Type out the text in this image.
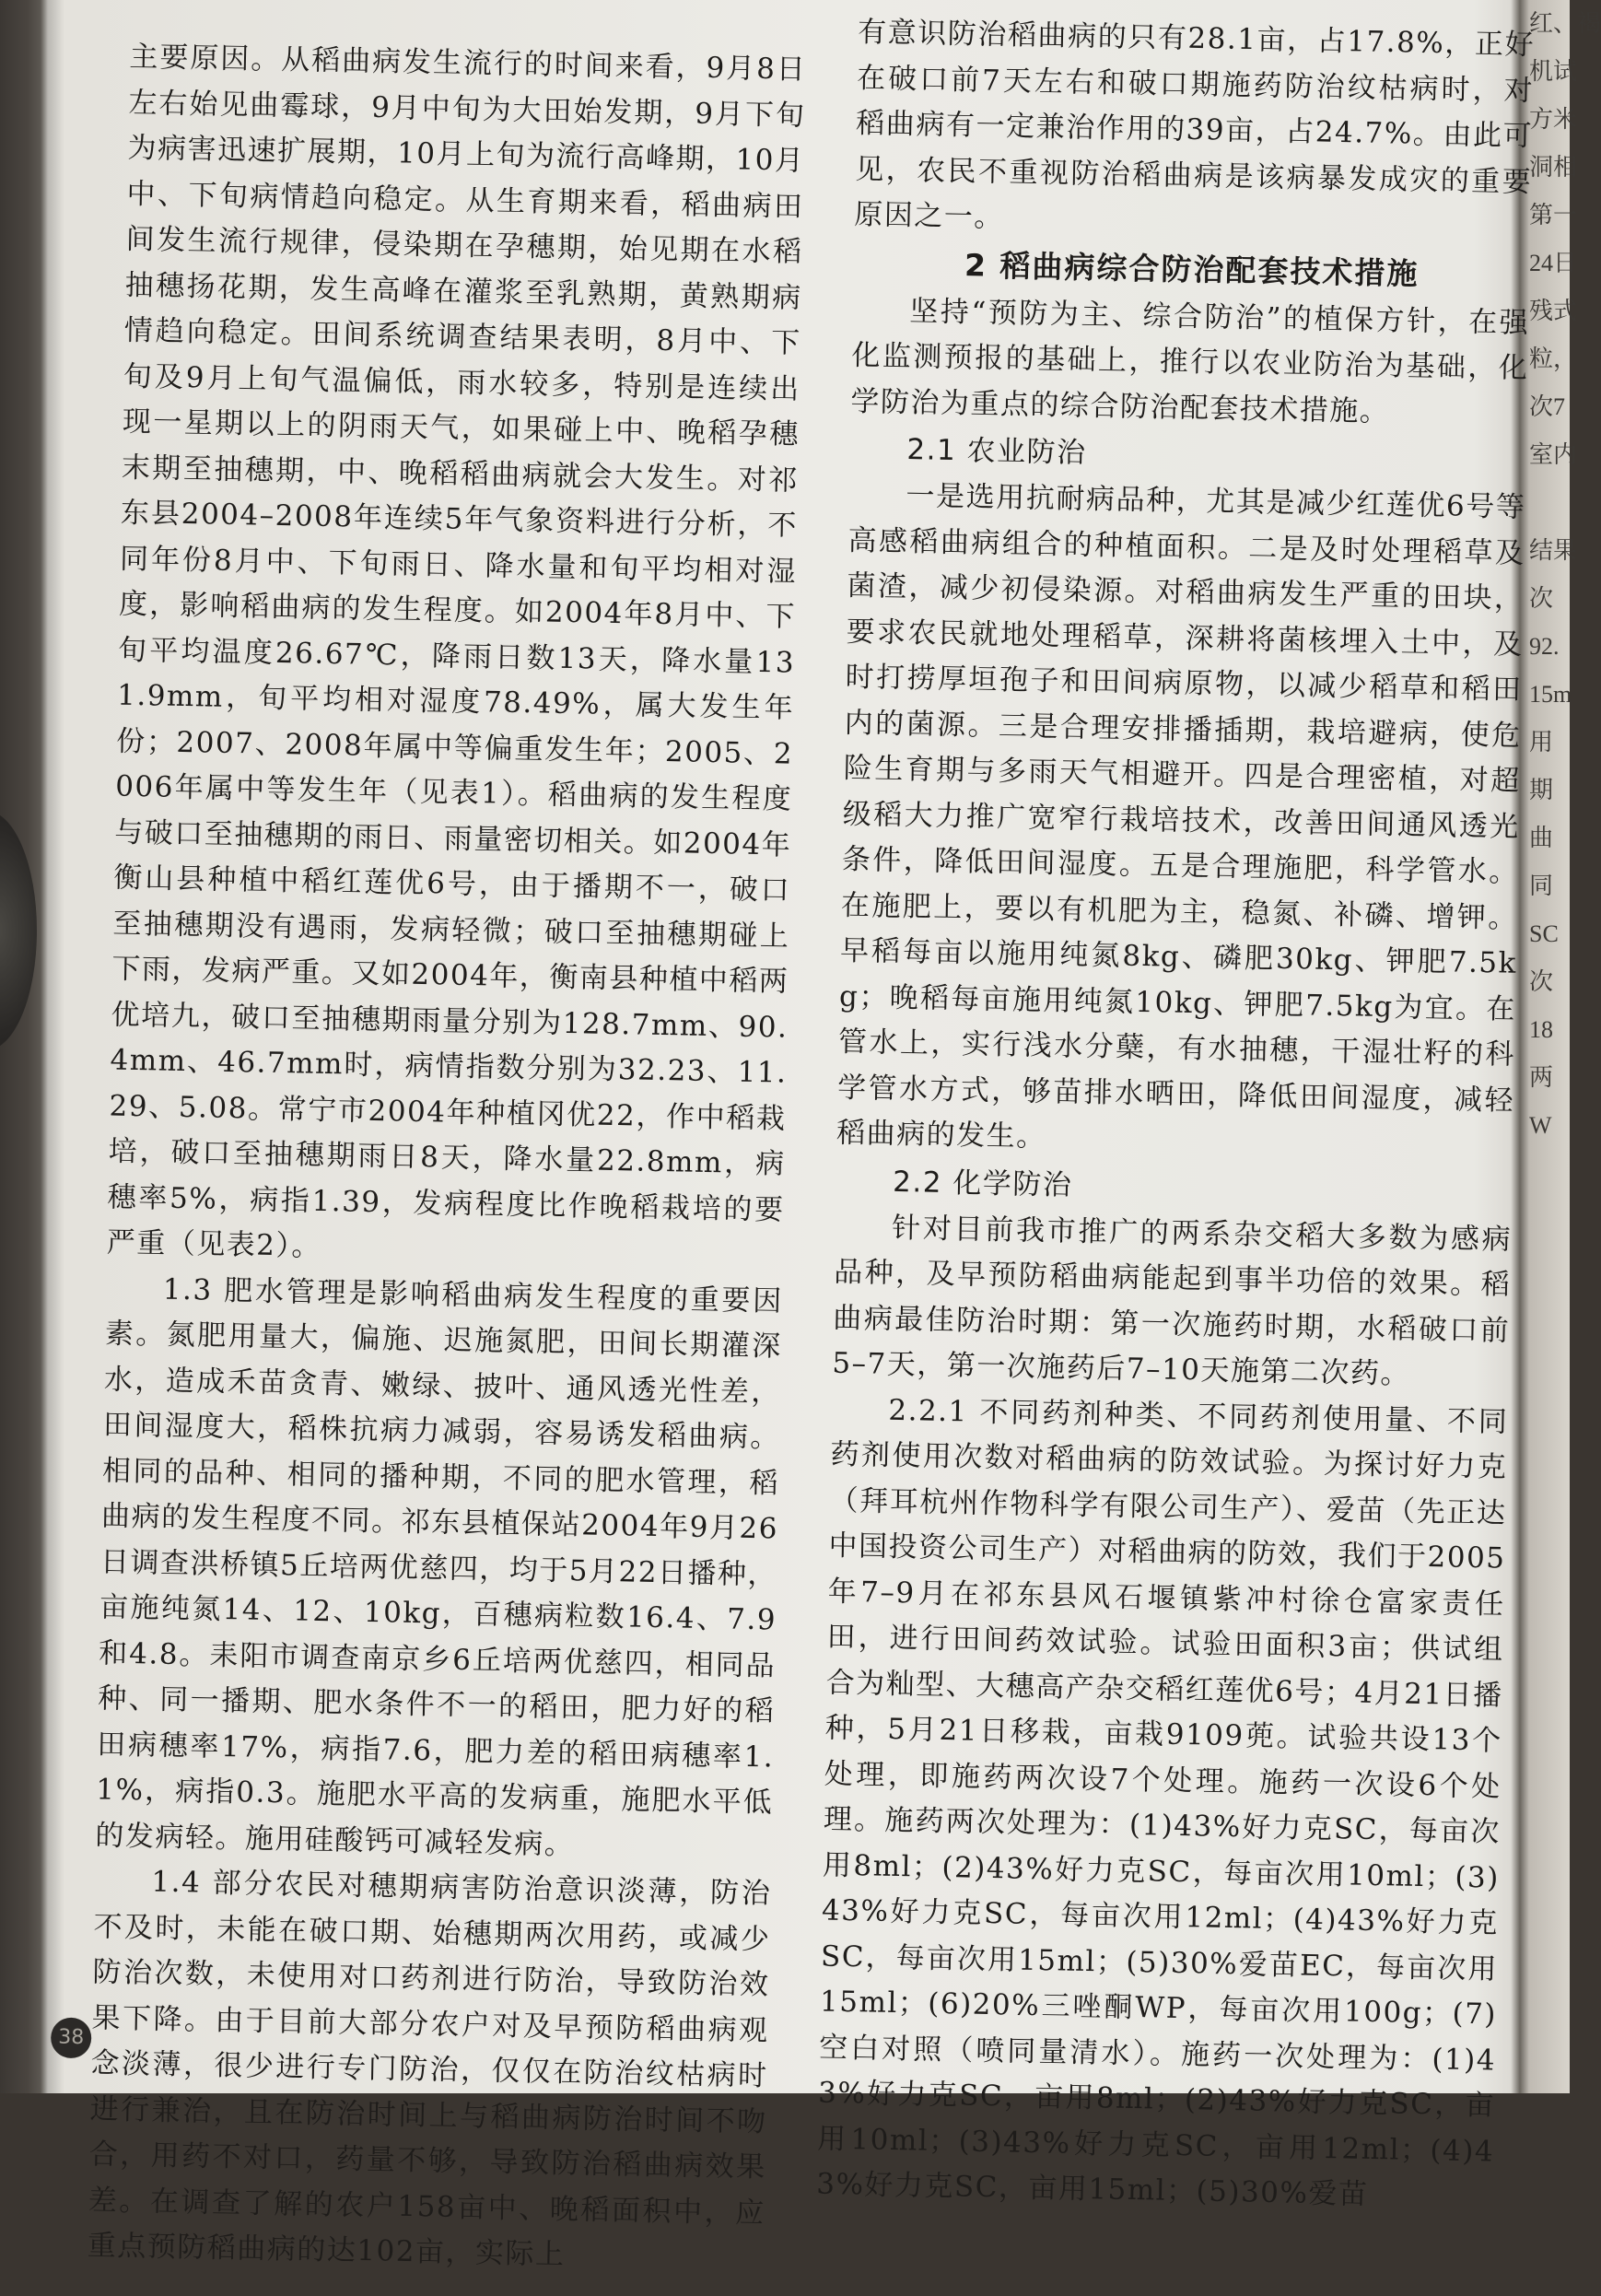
主要原因。从稻曲病发生流行的时间来看，9月8日左右始见曲霉球，9月中旬为大田始发期，9月下旬为病害迅速扩展期，10月上旬为流行高峰期，10月中、下旬病情趋向稳定。从生育期来看，稻曲病田间发生流行规律，侵染期在孕穗期，始见期在水稻抽穗扬花期，发生高峰在灌浆至乳熟期，黄熟期病情趋向稳定。田间系统调查结果表明，8月中、下旬及9月上旬气温偏低，雨水较多，特别是连续出现一星期以上的阴雨天气，如果碰上中、晚稻孕穗末期至抽穗期，中、晚稻稻曲病就会大发生。对祁东县2004–2008年连续5年气象资料进行分析，不同年份8月中、下旬雨日、降水量和旬平均相对湿度，影响稻曲病的发生程度。如2004年8月中、下旬平均温度26.67℃，降雨日数13天，降水量131.9mm，旬平均相对湿度78.49%，属大发生年份；2007、2008年属中等偏重发生年；2005、2006年属中等发生年（见表1）。稻曲病的发生程度与破口至抽穗期的雨日、雨量密切相关。如2004年衡山县种植中稻红莲优6号，由于播期不一，破口至抽穗期没有遇雨，发病轻微；破口至抽穗期碰上下雨，发病严重。又如2004年，衡南县种植中稻两优培九，破口至抽穗期雨量分别为128.7mm、90.4mm、46.7mm时，病情指数分别为32.23、11.29、5.08。常宁市2004年种植冈优22，作中稻栽培，破口至抽穗期雨日8天，降水量22.8mm，病穗率5%，病指1.39，发病程度比作晚稻栽培的要严重（见表2）。

1.3 肥水管理是影响稻曲病发生程度的重要因素。氮肥用量大，偏施、迟施氮肥，田间长期灌深水，造成禾苗贪青、嫩绿、披叶、通风透光性差，田间湿度大，稻株抗病力减弱，容易诱发稻曲病。相同的品种、相同的播种期，不同的肥水管理，稻曲病的发生程度不同。祁东县植保站2004年9月26日调查洪桥镇5丘培两优慈四，均于5月22日播种，亩施纯氮14、12、10kg，百穗病粒数16.4、7.9和4.8。耒阳市调查南京乡6丘培两优慈四，相同品种、同一播期、肥水条件不一的稻田，肥力好的稻田病穗率17%，病指7.6，肥力差的稻田病穗率1.1%，病指0.3。施肥水平高的发病重，施肥水平低的发病轻。施用硅酸钙可减轻发病。

1.4 部分农民对穗期病害防治意识淡薄，防治不及时，未能在破口期、始穗期两次用药，或减少防治次数，未使用对口药剂进行防治，导致防治效果下降。由于目前大部分农户对及早预防稻曲病观念淡薄，很少进行专门防治，仅仅在防治纹枯病时进行兼治，且在防治时间上与稻曲病防治时间不吻合，用药不对口，药量不够，导致防治稻曲病效果差。在调查了解的农户158亩中、晚稻面积中，应重点预防稻曲病的达102亩，实际上

有意识防治稻曲病的只有28.1亩，占17.8%，正好在破口前7天左右和破口期施药防治纹枯病时，对稻曲病有一定兼治作用的39亩，占24.7%。由此可见，农民不重视防治稻曲病是该病暴发成灾的重要原因之一。

2 稻曲病综合防治配套技术措施

坚持“预防为主、综合防治”的植保方针，在强化监测预报的基础上，推行以农业防治为基础，化学防治为重点的综合防治配套技术措施。

2.1 农业防治

一是选用抗耐病品种，尤其是减少红莲优6号等高感稻曲病组合的种植面积。二是及时处理稻草及菌渣，减少初侵染源。对稻曲病发生严重的田块，要求农民就地处理稻草，深耕将菌核埋入土中，及时打捞厚垣孢子和田间病原物，以减少稻草和稻田内的菌源。三是合理安排播插期，栽培避病，使危险生育期与多雨天气相避开。四是合理密植，对超级稻大力推广宽窄行栽培技术，改善田间通风透光条件，降低田间湿度。五是合理施肥，科学管水。在施肥上，要以有机肥为主，稳氮、补磷、增钾。早稻每亩以施用纯氮8kg、磷肥30kg、钾肥7.5kg；晚稻每亩施用纯氮10kg、钾肥7.5kg为宜。在管水上，实行浅水分蘖，有水抽穗，干湿壮籽的科学管水方式，够苗排水晒田，降低田间湿度，减轻稻曲病的发生。

2.2 化学防治

针对目前我市推广的两系杂交稻大多数为感病品种，及早预防稻曲病能起到事半功倍的效果。稻曲病最佳防治时期：第一次施药时期，水稻破口前5–7天，第一次施药后7–10天施第二次药。

2.2.1 不同药剂种类、不同药剂使用量、不同药剂使用次数对稻曲病的防效试验。为探讨好力克（拜耳杭州作物科学有限公司生产）、爱苗（先正达中国投资公司生产）对稻曲病的防效，我们于2005年7–9月在祁东县风石堰镇紫冲村徐仓富家责任田，进行田间药效试验。试验田面积3亩；供试组合为籼型、大穗高产杂交稻红莲优6号；4月21日播种，5月21日移栽，亩栽9109蔸。试验共设13个处理，即施药两次设7个处理。施药一次设6个处理。施药两次处理为：(1)43%好力克SC，每亩次用8ml；(2)43%好力克SC，每亩次用10ml；(3)43%好力克SC，每亩次用12ml；(4)43%好力克SC，每亩次用15ml；(5)30%爱苗EC，每亩次用15ml；(6)20%三唑酮WP，每亩次用100g；(7)空白对照（喷同量清水）。施药一次处理为：(1)43%好力克SC，亩用8ml；(2)43%好力克SC，亩用10ml；(3)43%好力克SC，亩用12ml；(4)43%好力克SC，亩用15ml；(5)30%爱苗

38
红、褐
机试
方米
洞相
第一
24日
残式
粒，
次7
室内

结果
次
92.
15m
用
期
曲
同
SC
次
18
两
W
